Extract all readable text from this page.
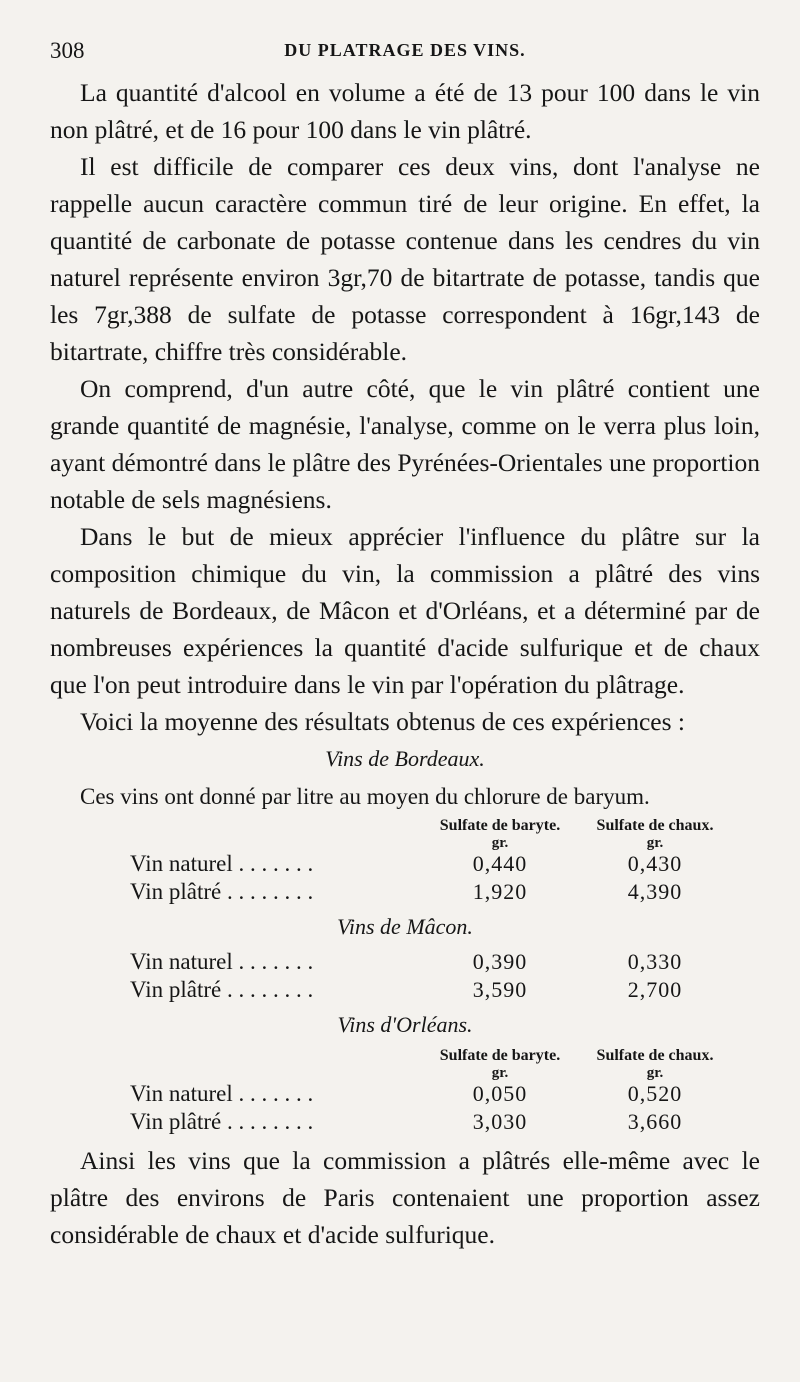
308	DU PLATRAGE DES VINS.

La quantité d'alcool en volume a été de 13 pour 100 dans le vin non plâtré, et de 16 pour 100 dans le vin plâtré.

Il est difficile de comparer ces deux vins, dont l'analyse ne rappelle aucun caractère commun tiré de leur origine. En effet, la quantité de carbonate de potasse contenue dans les cendres du vin naturel représente environ 3gr,70 de bitartrate de potasse, tandis que les 7gr,388 de sulfate de potasse correspondent à 16gr,143 de bitartrate, chiffre très considérable.

On comprend, d'un autre côté, que le vin plâtré contient une grande quantité de magnésie, l'analyse, comme on le verra plus loin, ayant démontré dans le plâtre des Pyrénées-Orientales une proportion notable de sels magnésiens.

Dans le but de mieux apprécier l'influence du plâtre sur la composition chimique du vin, la commission a plâtré des vins naturels de Bordeaux, de Mâcon et d'Orléans, et a déterminé par de nombreuses expériences la quantité d'acide sulfurique et de chaux que l'on peut introduire dans le vin par l'opération du plâtrage.

Voici la moyenne des résultats obtenus de ces expériences :

Vins de Bordeaux.
Ces vins ont donné par litre au moyen du chlorure de baryum.
Sulfate de baryte.	Sulfate de chaux.
gr.	gr.
Vin naturel . . . . . . .	0,440	0,430
Vin plâtré . . . . . . . .	1,920	4,390
Vins de Mâcon.
Vin naturel . . . . . . .	0,390	0,330
Vin plâtré . . . . . . . .	3,590	2,700
Vins d'Orléans.
Sulfate de baryte.	Sulfate de chaux.
gr.	gr.
Vin naturel . . . . . . .	0,050	0,520
Vin plâtré . . . . . . . .	3,030	3,660

Ainsi les vins que la commission a plâtrés elle-même avec le plâtre des environs de Paris contenaient une proportion assez considérable de chaux et d'acide sulfurique.
